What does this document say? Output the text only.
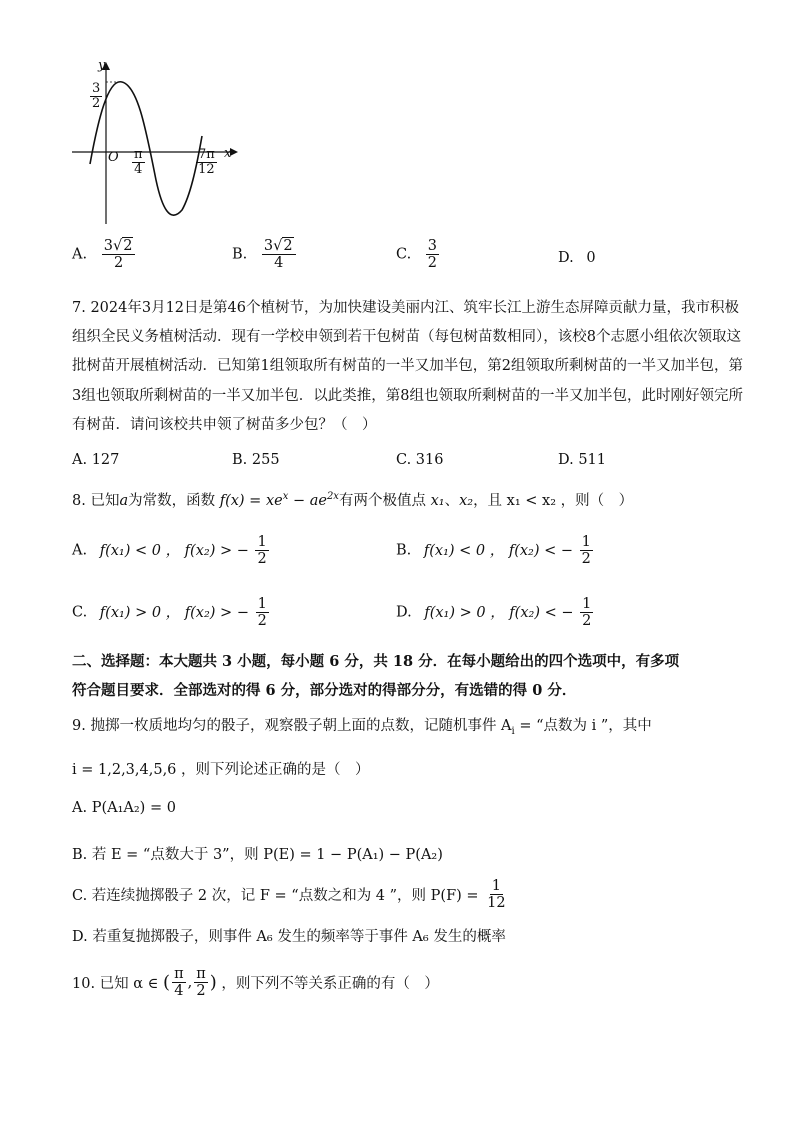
y
x
O
$\frac{3}{2}$
$\frac{\pi}{4}$	$\frac{7\pi}{12}$
A. $\frac{3√2}{2}$	B. $\frac{3√2}{4}$	C. $\frac{3}{2}$	D. 0
7. 2024年3月12日是第46个植树节，为加快建设美丽内江、筑牢长江上游生态屏障贡献力量，我市积极
组织全民义务植树活动．现有一学校申领到若干包树苗（每包树苗数相同），该校8个志愿小组依次领取这
批树苗开展植树活动．已知第1组领取所有树苗的一半又加半包，第2组领取所剩树苗的一半又加半包，第
3组也领取所剩树苗的一半又加半包．以此类推，第8组也领取所剩树苗的一半又加半包，此时刚好领完所
有树苗．请问该校共申领了树苗多少包？（　）
A. 127	B. 255	C. 316	D. 511
8. 已知a为常数，函数 $f(x) = xe^x - ae^{2x}$有两个极值点 x₁、x₂，且 x₁ < x₂ ，则（　）
A. f(x₁) < 0 ， f(x₂) > − $\frac{1}{2}$	B. f(x₁) < 0 ， f(x₂) < − $\frac{1}{2}$
C. f(x₁) > 0 ， f(x₂) > − $\frac{1}{2}$	D. f(x₁) > 0 ， f(x₂) < − $\frac{1}{2}$
二、选择题：本大题共 3 小题，每小题 6 分，共 18 分．在每小题给出的四个选项中，有多项
符合题目要求．全部选对的得 6 分，部分选对的得部分分，有选错的得 0 分．
9. 抛掷一枚质地均匀的骰子，观察骰子朝上面的点数，记随机事件 $A_i$ = “点数为 i ”，其中
i = 1,2,3,4,5,6 ，则下列论述正确的是（　）
A. P(A₁A₂) = 0
B. 若 E = “点数大于 3”，则 P(E) = 1 − P(A₁) − P(A₂)
C. 若连续抛掷骰子 2 次，记 F = “点数之和为 4 ”，则 $P(F) = \frac{1}{12}$
D. 若重复抛掷骰子，则事件 A₆ 发生的频率等于事件 A₆ 发生的概率
10. 已知 α ∈ ( $\frac{\pi}{4}$ , $\frac{\pi}{2}$ ) ，则下列不等关系正确的有（　）
